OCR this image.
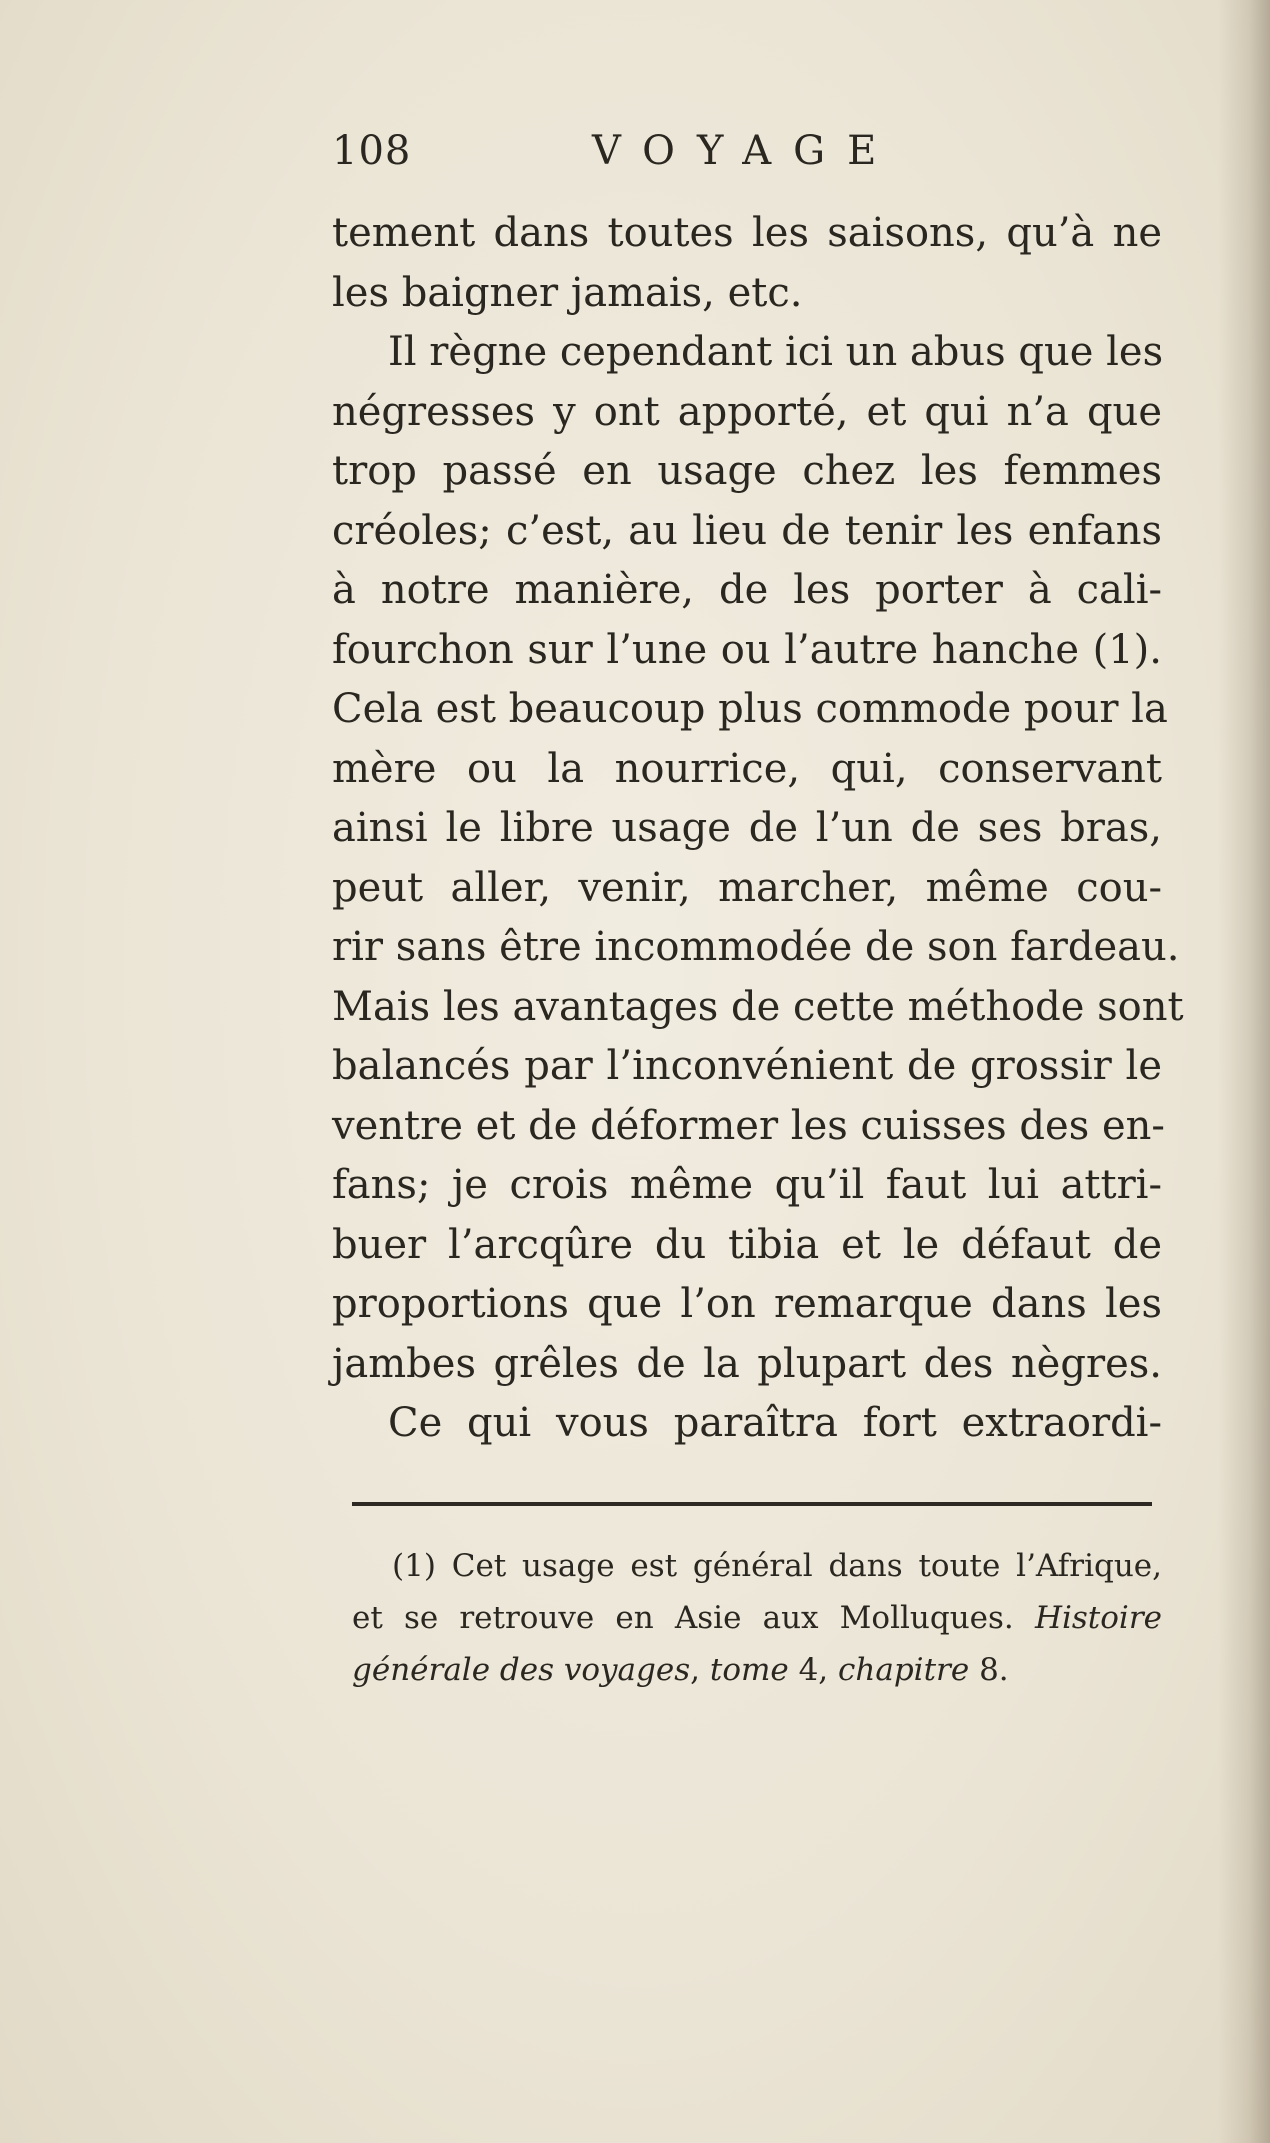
108	VOYAGE
tement dans toutes les saisons, qu’à ne
les baigner jamais, etc.
Il règne cependant ici un abus que les
négresses y ont apporté, et qui n’a que
trop passé en usage chez les femmes
créoles; c’est, au lieu de tenir les enfans
à notre manière, de les porter à cali-
fourchon sur l’une ou l’autre hanche (1).
Cela est beaucoup plus commode pour la
mère ou la nourrice, qui, conservant
ainsi le libre usage de l’un de ses bras,
peut aller, venir, marcher, même cou-
rir sans être incommodée de son fardeau.
Mais les avantages de cette méthode sont
balancés par l’inconvénient de grossir le
ventre et de déformer les cuisses des en-
fans; je crois même qu’il faut lui attri-
buer l’arcqûre du tibia et le défaut de
proportions que l’on remarque dans les
jambes grêles de la plupart des nègres.
Ce qui vous paraîtra fort extraordi-
(1) Cet usage est général dans toute l’Afrique,
et se retrouve en Asie aux Molluques. Histoire
générale des voyages, tome 4, chapitre 8.
